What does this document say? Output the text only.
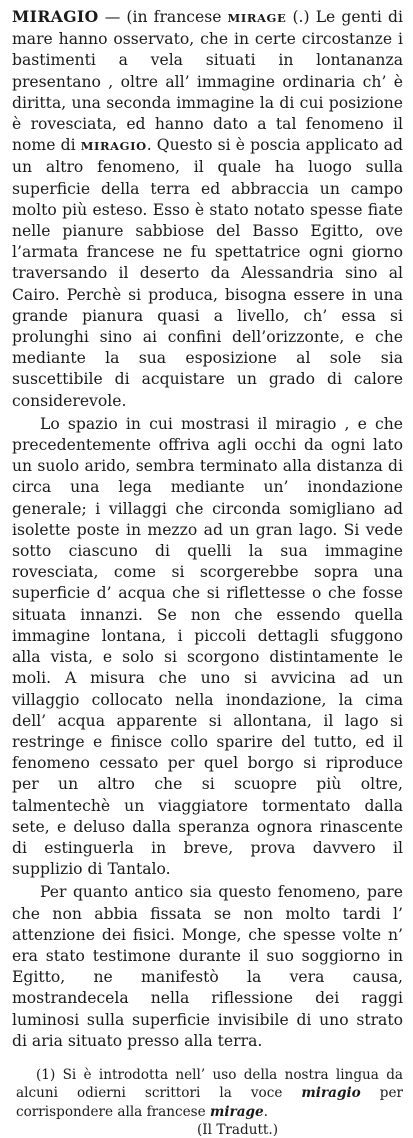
MIRAGIO — (in francese MIRAGE (.) Le genti di mare hanno osservato, che in certe circostanze i bastimenti a vela situati in lontananza presentano , oltre all’ immagine ordinaria ch’ è diritta, una seconda immagine la di cui posizione è rovesciata, ed hanno dato a tal fenomeno il nome di MIRAGIO. Questo si è poscia applicato ad un altro fenomeno, il quale ha luogo sulla superficie della terra ed abbraccia un campo molto più esteso. Esso è stato notato spesse fiate nelle pianure sabbiose del Basso Egitto, ove l’armata francese ne fu spettatrice ogni giorno traversando il deserto da Alessandria sino al Cairo. Perchè si produca, bisogna essere in una grande pianura quasi a livello, ch’ essa si prolunghi sino ai confini dell’orizzonte, e che mediante la sua esposizione al sole sia suscettibile di acquistare un grado di calore considerevole.

Lo spazio in cui mostrasi il miragio , e che precedentemente offriva agli occhi da ogni lato un suolo arido, sembra terminato alla distanza di circa una lega mediante un’ inondazione generale; i villaggi che circonda somigliano ad isolette poste in mezzo ad un gran lago. Si vede sotto ciascuno di quelli la sua immagine rovesciata, come si scorgerebbe sopra una superficie d’ acqua che si riflettesse o che fosse situata innanzi. Se non che essendo quella immagine lontana, i piccoli dettagli sfuggono alla vista, e solo si scorgono distintamente le moli. A misura che uno si avvicina ad un villaggio collocato nella inondazione, la cima dell’ acqua apparente si allontana, il lago si restringe e finisce collo sparire del tutto, ed il fenomeno cessato per quel borgo si riproduce per un altro che si scuopre più oltre, talmentechè un viaggiatore tormentato dalla sete, e deluso dalla speranza ognora rinascente di estinguerla in breve, prova davvero il supplizio di Tantalo.

Per quanto antico sia questo fenomeno, pare che non abbia fissata se non molto tardi l’ attenzione dei fisici. Monge, che spesse volte n’ era stato testimone durante il suo soggiorno in Egitto, ne manifestò la vera causa, mostrandecela nella riflessione dei raggi luminosi sulla superficie invisibile di uno strato di aria situato presso alla terra.

(1) Si è introdotta nell’ uso della nostra lingua da alcuni odierni scrittori la voce miragio per corrispondere alla francese mirage.
(Il Tradutt.)
